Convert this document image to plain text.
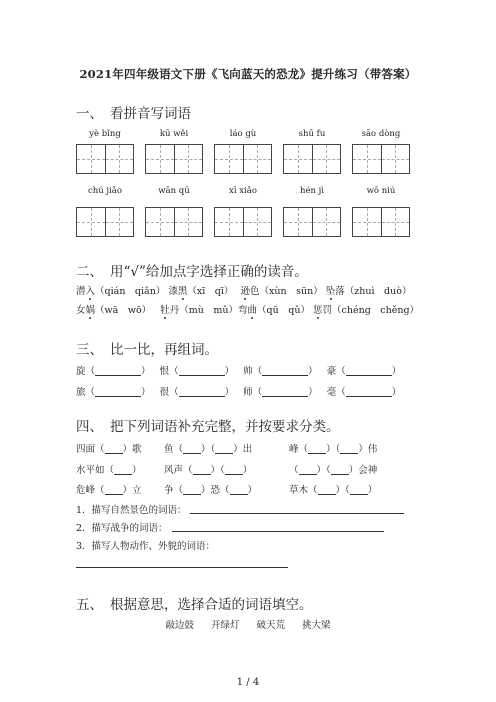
2021年四年级语文下册《飞向蓝天的恐龙》提升练习（带答案）
一、 看拼音写词语
yè bǐng	kū wěi	láo gù	shū fu	sāo dòng
chú jiǎo	wān qū	xī xiǎo	hén jì	wō niú
二、 用“√”给加点字选择正确的读音。
潜入（qián　qiǎn） 漆黑（xī　qī） 逊色（xùn　sūn） 坠落（zhuì　duò）
女娲（wā　wō） 牡丹（mù　mǔ）弯曲（qū　qǔ） 惩罚（chéng　chěng）
三、 比一比，再组词。
旋（	） 恨（	） 帅（	） 豪（	）
旅（	） 很（	） 师（	） 毫（	）
四、 把下列词语补充完整，并按要求分类。
四面（ ）歌 鱼（ ）（ ）出	峰（ ）（ ）伟
水平如（ ） 风声（ ）（ ）	（ ）（ ）会神
危峰（ ）立 争（ ）恐（ ）	草木（ ）（ ）
1．描写自然景色的词语：
2．描写战争的词语：
3．描写人物动作、外貌的词语：
五、 根据意思，选择合适的词语填空。
敲边鼓 开绿灯 破天荒 挑大梁
1 / 4
